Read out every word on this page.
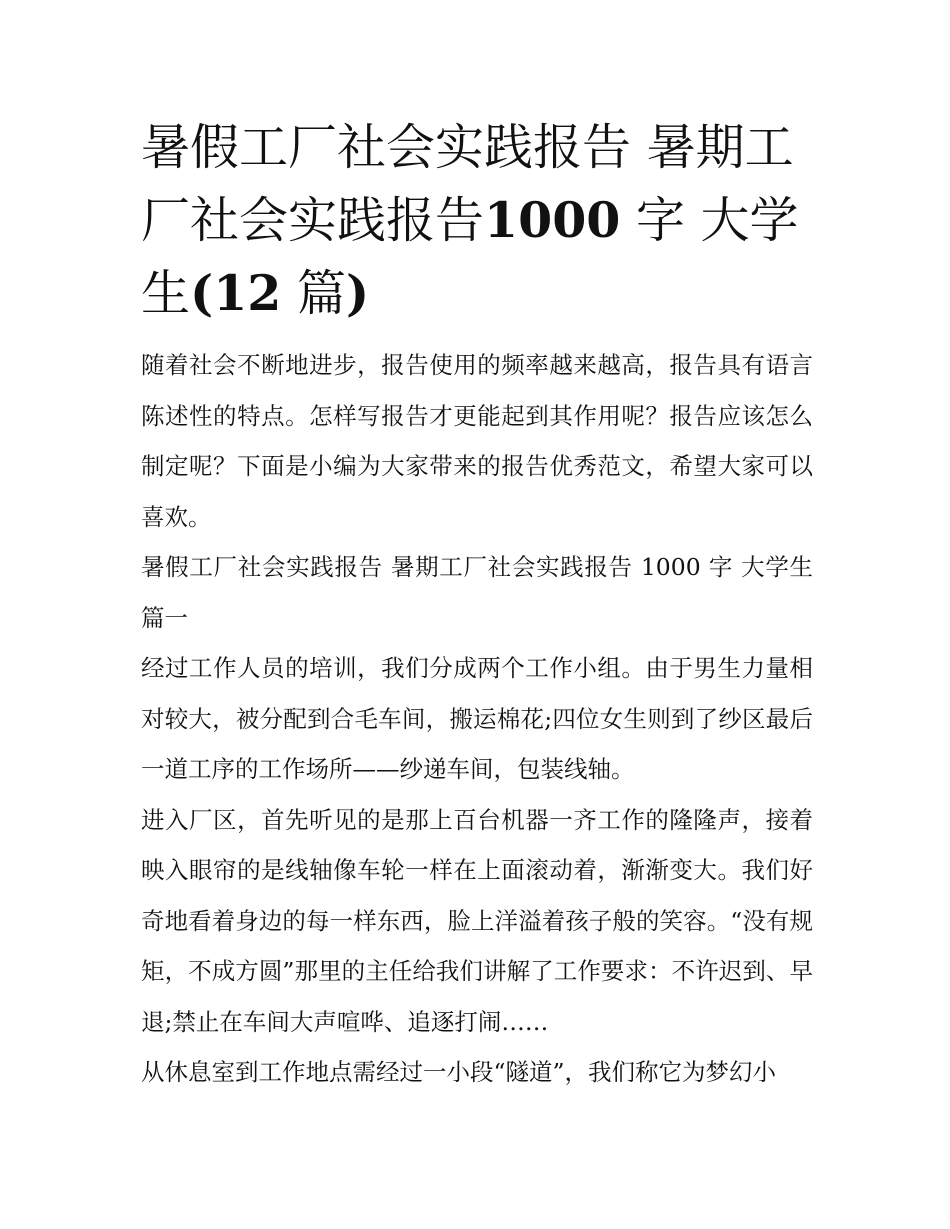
暑假工厂社会实践报告 暑期工厂社会实践报告1000 字 大学生(12 篇)

随着社会不断地进步，报告使用的频率越来越高，报告具有语言陈述性的特点。怎样写报告才更能起到其作用呢？报告应该怎么制定呢？下面是小编为大家带来的报告优秀范文，希望大家可以喜欢。

暑假工厂社会实践报告 暑期工厂社会实践报告 1000 字 大学生篇一

经过工作人员的培训，我们分成两个工作小组。由于男生力量相对较大，被分配到合毛车间，搬运棉花;四位女生则到了纱区最后一道工序的工作场所——纱递车间，包装线轴。

进入厂区，首先听见的是那上百台机器一齐工作的隆隆声，接着映入眼帘的是线轴像车轮一样在上面滚动着，渐渐变大。我们好奇地看着身边的每一样东西，脸上洋溢着孩子般的笑容。“没有规矩，不成方圆”那里的主任给我们讲解了工作要求：不许迟到、早退;禁止在车间大声喧哗、追逐打闹……

从休息室到工作地点需经过一小段“隧道”，我们称它为梦幻小
